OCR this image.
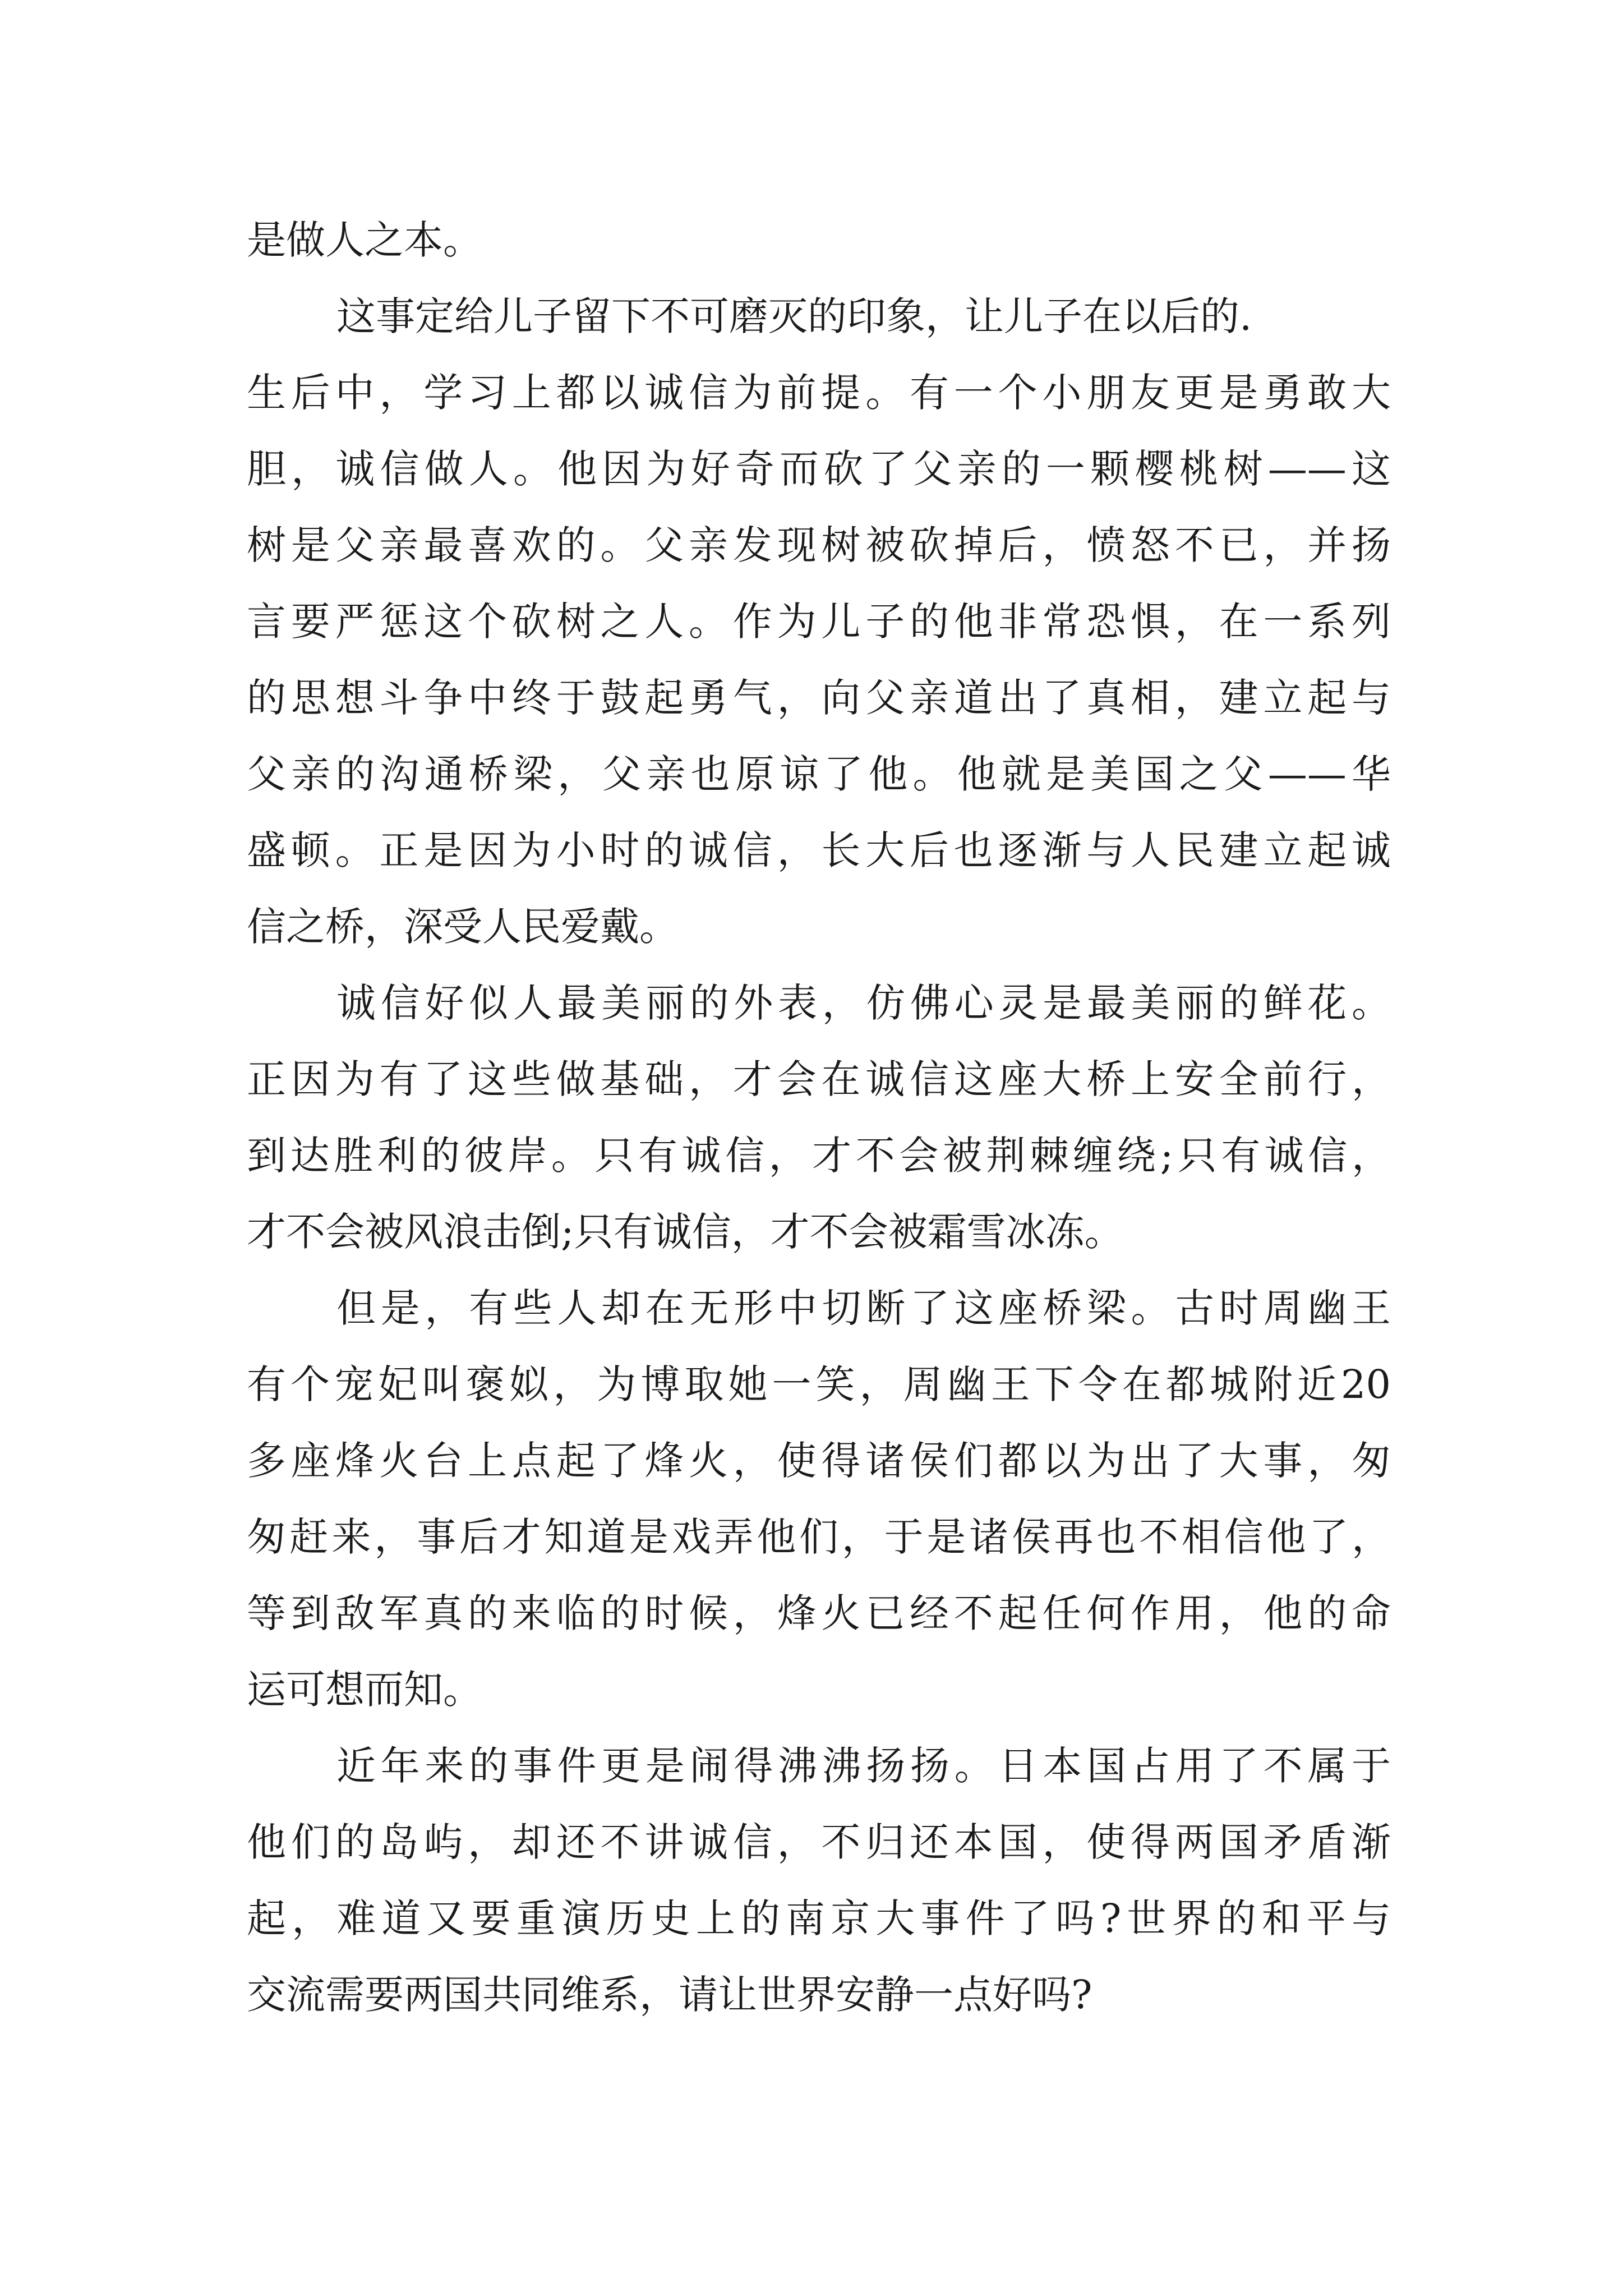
是做人之本。
这事定给儿子留下不可磨灭的印象，让儿子在以后的.
生后中，学习上都以诚信为前提。有一个小朋友更是勇敢大
胆，诚信做人。他因为好奇而砍了父亲的一颗樱桃树——这
树是父亲最喜欢的。父亲发现树被砍掉后，愤怒不已，并扬
言要严惩这个砍树之人。作为儿子的他非常恐惧，在一系列
的思想斗争中终于鼓起勇气，向父亲道出了真相，建立起与
父亲的沟通桥梁，父亲也原谅了他。他就是美国之父——华
盛顿。正是因为小时的诚信，长大后也逐渐与人民建立起诚
信之桥，深受人民爱戴。
诚信好似人最美丽的外表，仿佛心灵是最美丽的鲜花。
正因为有了这些做基础，才会在诚信这座大桥上安全前行，
到达胜利的彼岸。只有诚信，才不会被荆棘缠绕;只有诚信，
才不会被风浪击倒;只有诚信，才不会被霜雪冰冻。
但是，有些人却在无形中切断了这座桥梁。古时周幽王
有个宠妃叫褒姒，为博取她一笑，周幽王下令在都城附近20
多座烽火台上点起了烽火，使得诸侯们都以为出了大事，匆
匆赶来，事后才知道是戏弄他们，于是诸侯再也不相信他了，
等到敌军真的来临的时候，烽火已经不起任何作用，他的命
运可想而知。
近年来的事件更是闹得沸沸扬扬。日本国占用了不属于
他们的岛屿，却还不讲诚信，不归还本国，使得两国矛盾渐
起，难道又要重演历史上的南京大事件了吗?世界的和平与
交流需要两国共同维系，请让世界安静一点好吗?
